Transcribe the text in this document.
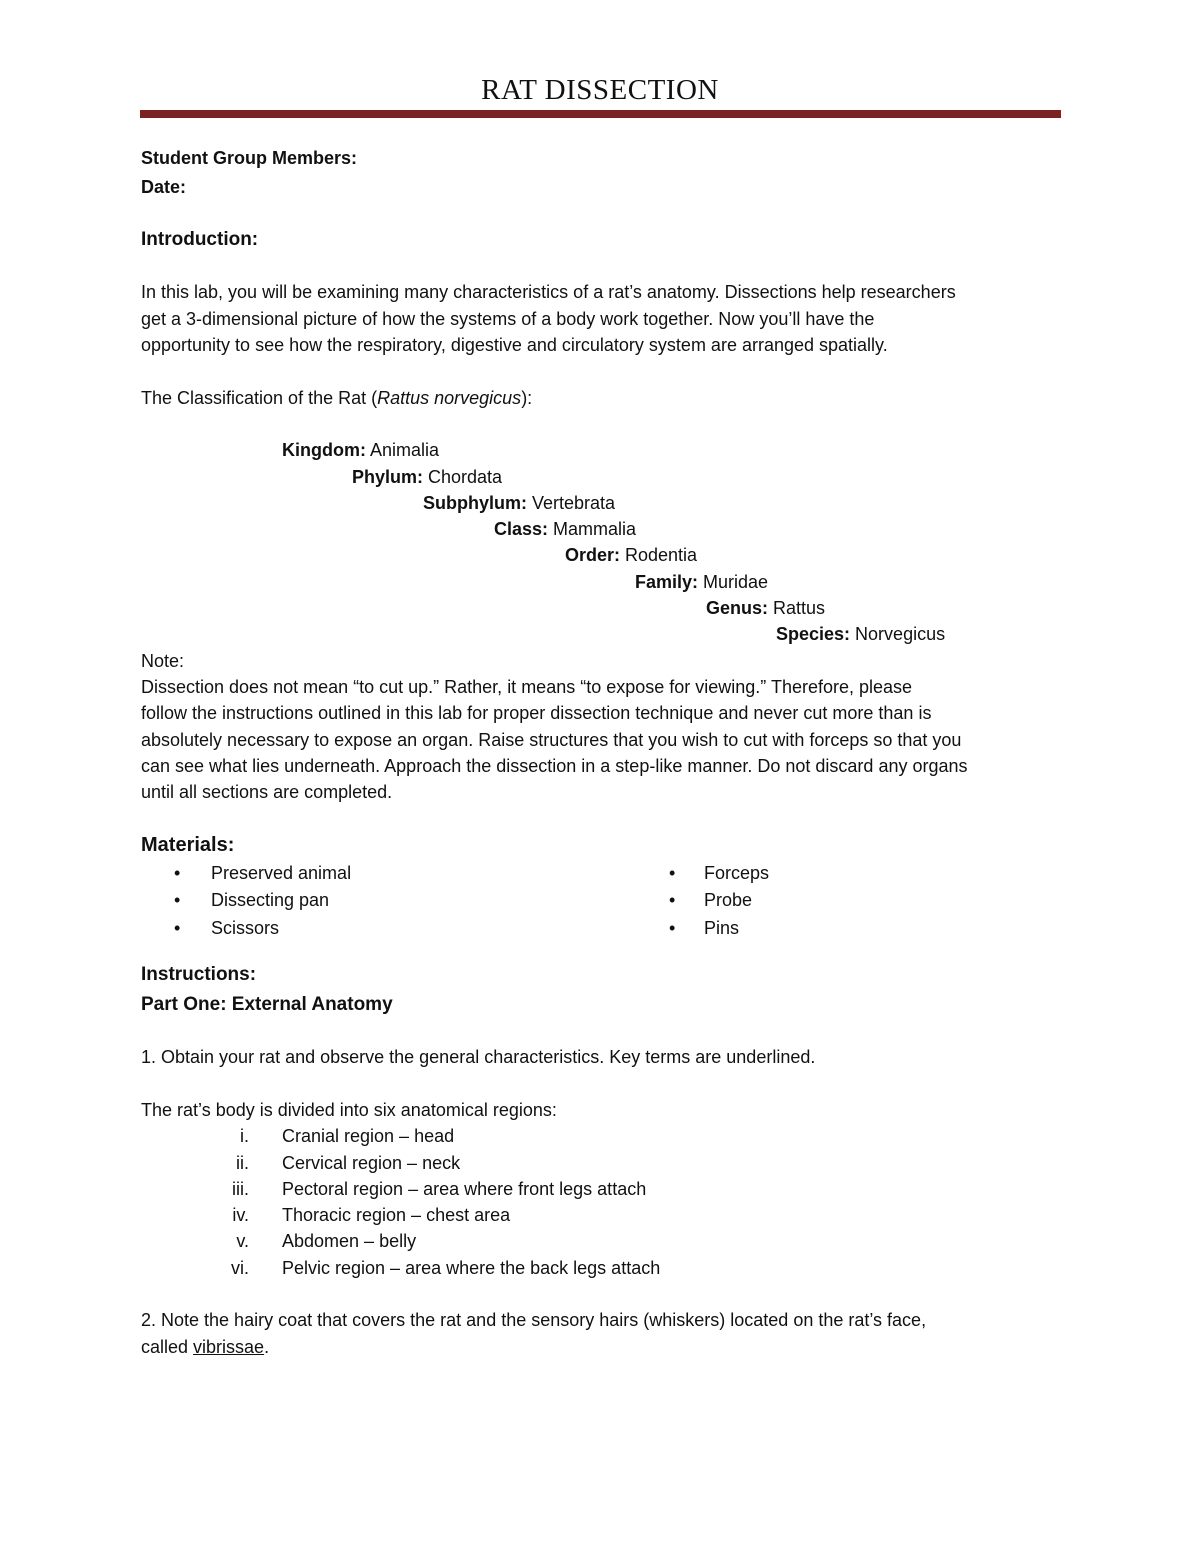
RAT DISSECTION
Student Group Members:
Date:
Introduction:
In this lab, you will be examining many characteristics of a rat’s anatomy. Dissections help researchers
get a 3-dimensional picture of how the systems of a body work together. Now you’ll have the
opportunity to see how the respiratory, digestive and circulatory system are arranged spatially.
The Classification of the Rat (Rattus norvegicus):
Kingdom: Animalia
Phylum: Chordata
Subphylum: Vertebrata
Class: Mammalia
Order: Rodentia
Family: Muridae
Genus: Rattus
Species: Norvegicus
Note:
Dissection does not mean “to cut up.” Rather, it means “to expose for viewing.” Therefore, please
follow the instructions outlined in this lab for proper dissection technique and never cut more than is
absolutely necessary to expose an organ. Raise structures that you wish to cut with forceps so that you
can see what lies underneath. Approach the dissection in a step-like manner. Do not discard any organs
until all sections are completed.
Materials:
• Preserved animal
• Dissecting pan
• Scissors
• Forceps
• Probe
• Pins
Instructions:
Part One: External Anatomy
1. Obtain your rat and observe the general characteristics. Key terms are underlined.
The rat’s body is divided into six anatomical regions:
i. Cranial region – head
ii. Cervical region – neck
iii. Pectoral region – area where front legs attach
iv. Thoracic region – chest area
v. Abdomen – belly
vi. Pelvic region – area where the back legs attach
2. Note the hairy coat that covers the rat and the sensory hairs (whiskers) located on the rat’s face,
called vibrissae.
